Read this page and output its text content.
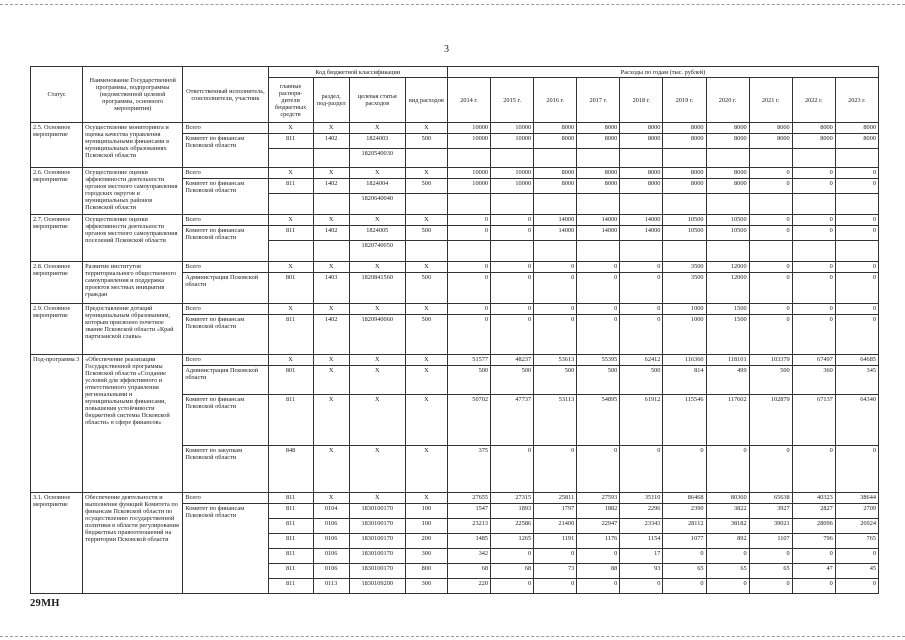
3
Статус	Наименование Государственной программы, подпрограммы (ведомственной целевой программы, основного мероприятия)	Ответственный исполнитель, соисполнители, участник	Код бюджетной классификации				Расходы по годам (тыс. рублей)									
			главные распоря-дители бюджетных средств	раздел, под-раздел	целевая статья расходов	вид расходов	2014 г.	2015 г.	2016 г.	2017 г.	2018 г.	2019 г.	2020 г.	2021 г.	2022 г.	2023 г.
2.5. Основное мероприятие	Осуществление мониторинга и оценка качества управления муниципальными финансами в муниципальных образованиях Псковской области	Всего	X	X	X	X	10000	10000	8000	8000	8000	8000	8000	8000	8000	8000
		Комитет по финансам Псковской области	811	1402	1824003	500	10000	10000	8000	8000	8000	8000	8000	8000	8000	8000
					1820540030											
2.6. Основное мероприятие	Осуществление оценки эффективности деятельности органов местного самоуправления городских округов и муниципальных районов Псковской области	Всего	X	X	X	X	10000	10000	8000	8000	8000	8000	8000	0	0	0
		Комитет по финансам Псковской области	811	1402	1824004	500	10000	10000	8000	8000	8000	8000	8000	0	0	0
					1820640040											
2.7. Основное мероприятие	Осуществление оценки эффективности деятельности органов местного самоуправления поселений Псковской области	Всего	X	X	X	X	0	0	14000	14000	14000	10500	10500	0	0	0
		Комитет по финансам Псковской области	811	1402	1824005	500	0	0	14000	14000	14000	10500	10500	0	0	0
					1820740050											
2.8. Основное мероприятие	Развитие институтов территориального общественного самоуправления и поддержка проектов местных инициатив граждан	Всего	X	X	X	X	0	0	0	0	0	3500	12000	0	0	0
		Администрация Псковской области	801	1403	1820841560	500	0	0	0	0	0	3500	12000	0	0	0
2.9. Основное мероприятие	Предоставление дотаций муниципальным образованиям, которым присвоено почетное звание Псковской области «Край партизанской славы»	Всего	X	X	X	X	0	0	0	0	0	1000	1500	0	0	0
		Комитет по финансам Псковской области	811	1402	1820940060	500	0	0	0	0	0	1000	1500	0	0	0
Под-программа 3	«Обеспечение реализации Государственной программы Псковской области «Создание условий для эффективного и ответственного управления региональными и муниципальными финансами, повышения устойчивости бюджетной системы Псковской области» в сфере финансов»	Всего	X	X	X	X	51577	48237	53613	55395	62412	116360	118101	103379	67497	64685
		Администрация Псковской области	801	X	X	X	500	500	500	500	500	814	499	500	360	345
		Комитет по финансам Псковской области	811	X	X	X	50702	47737	53113	54895	61912	115546	117602	102879	67137	64340
		Комитет по закупкам Псковской области	848	X	X	X	375	0	0	0	0	0	0	0	0	0
3.1. Основное мероприятие	Обеспечение деятельности и выполнение функций Комитета по финансам Псковской области по осуществлению государственной политики в области регулирования бюджетных правоотношений на территории Псковской области	Всего	811	X	X	X	27655	27315	25811	27593	35110	86468	80360	65638	40323	38644
		Комитет по финансам Псковской области	811	0104	1830100170	100	1547	1893	1797	1882	2296	2390	3822	3927	2827	2709
			811	0106	1830100170	100	23213	22586	21400	22947	23343	28112	38182	39021	28096	26924
			811	0106	1830100170	200	1485	1265	1191	1176	1154	1077	892	1107	796	765
			811	0106	1830100170	300	342	0	0	0	17	0	0	0	0	0
			811	0106	1830100170	800	68	68	73	88	93	65	65	65	47	45
			811	0113	1830109200	300	220	0	0	0	0	0	0	0	0	0
29МН
